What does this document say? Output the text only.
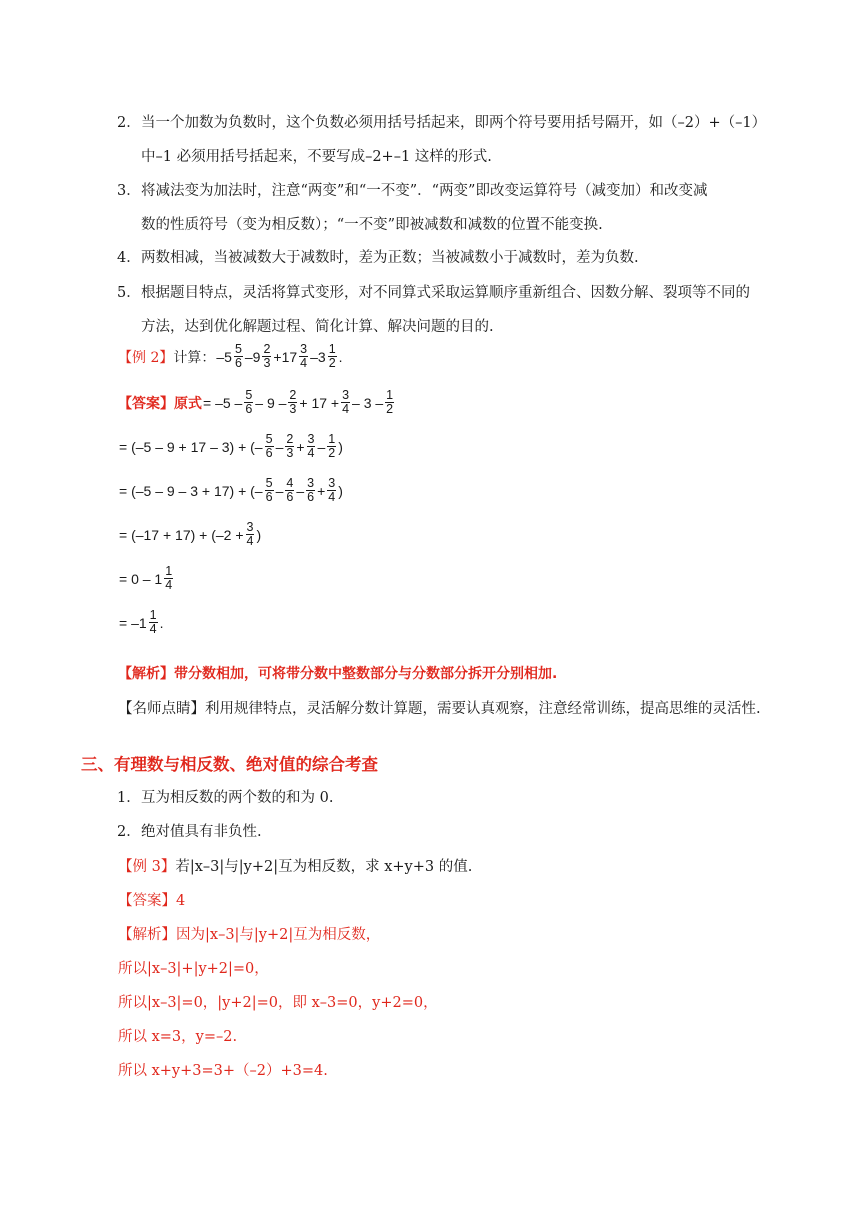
2． 当一个加数为负数时，这个负数必须用括号括起来，即两个符号要用括号隔开，如（–2）+（–1）
中–1 必须用括号括起来，不要写成–2+–1 这样的形式.
3． 将减法变为加法时，注意“两变”和“一不变”．“两变”即改变运算符号（减变加）和改变减
数的性质符号（变为相反数）；“一不变”即被减数和减数的位置不能变换.
4． 两数相减，当被减数大于减数时，差为正数；当被减数小于减数时，差为负数.
5． 根据题目特点，灵活将算式变形，对不同算式采取运算顺序重新组合、因数分解、裂项等不同的
方法，达到优化解题过程、简化计算、解决问题的目的.
【例 2】 计算： $-5 \frac{5}{6} -9 \frac{2}{3} +17 \frac{3}{4} -3 \frac{1}{2}$ .
【答案】 原式 = $-5 - \frac{5}{6} - 9 - \frac{2}{3} + 17 + \frac{3}{4} - 3 - \frac{1}{2}$
= (–5 – 9 + 17 – 3) + (– $\frac{5}{6} - \frac{2}{3} + \frac{3}{4} - \frac{1}{2}$ )
= (–5 – 9 – 3 + 17) + (– $\frac{5}{6} - \frac{4}{6} - \frac{3}{6} + \frac{3}{4}$ )
= $(-17 + 17) + (-2 + \frac{3}{4}$ )
= $0 - 1 \frac{1}{4}$
= $-1 \frac{1}{4}$ .
【解析】带分数相加，可将带分数中整数部分与分数部分拆开分别相加.
【名师点睛】利用规律特点，灵活解分数计算题，需要认真观察，注意经常训练，提高思维的灵活性.
三、有理数与相反数、绝对值的综合考查
1． 互为相反数的两个数的和为 0.
2． 绝对值具有非负性.
【例 3】若|x–3|与|y+2|互为相反数，求 x+y+3 的值.
【答案】4
【解析】因为|x–3|与|y+2|互为相反数，
所以|x–3|+|y+2|=0，
所以|x–3|=0，|y+2|=0，即 x–3=0，y+2=0，
所以 x=3，y=–2.
所以 x+y+3=3+（–2）+3=4.
